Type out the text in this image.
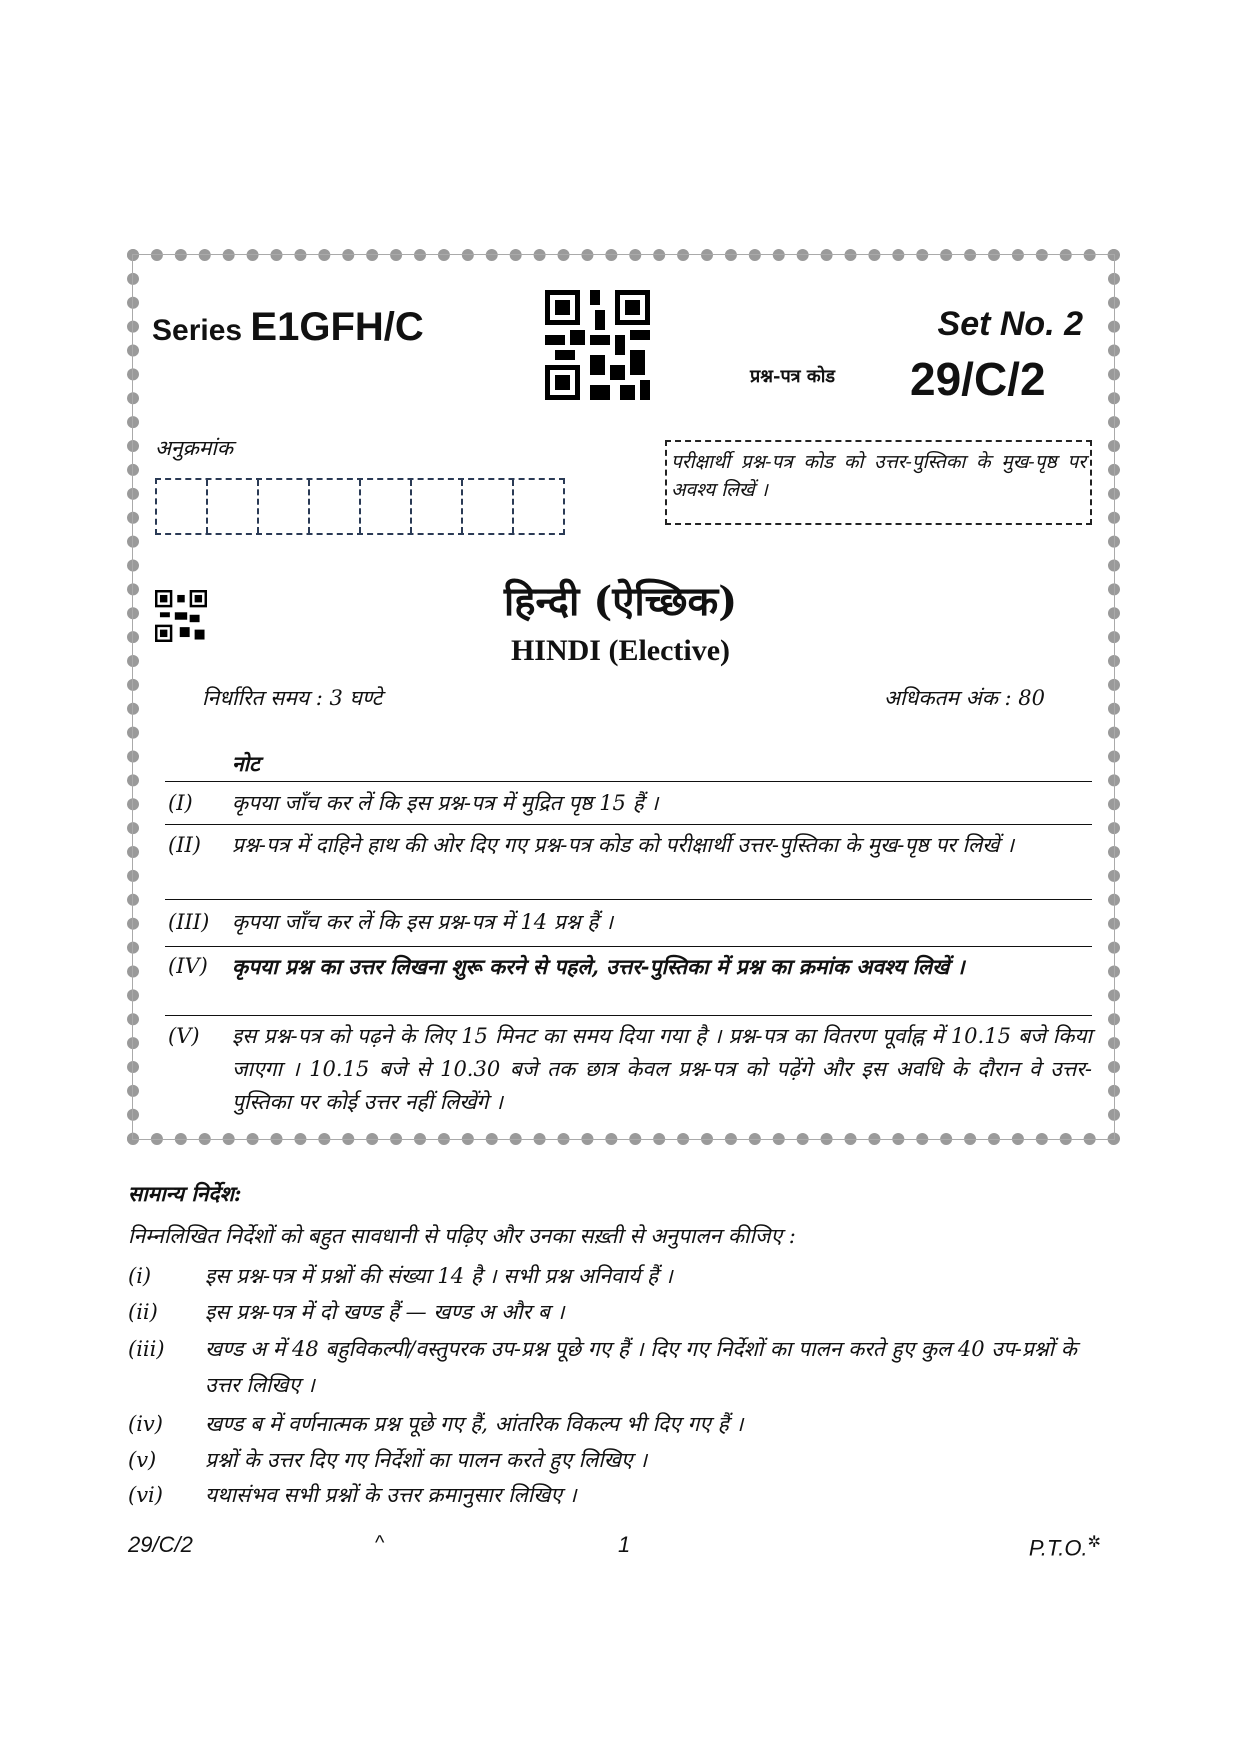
Series E1GFH/C	Set No. 2
प्रश्न-पत्र कोड 29/C/2
अनुक्रमांक
परीक्षार्थी प्रश्न-पत्र कोड को उत्तर-पुस्तिका के मुख-पृष्ठ पर अवश्य लिखें ।
हिन्दी (ऐच्छिक)
HINDI (Elective)
निर्धारित समय : 3 घण्टे	अधिकतम अंक : 80
नोट
(I) कृपया जाँच कर लें कि इस प्रश्न-पत्र में मुद्रित पृष्ठ 15 हैं ।
(II) प्रश्न-पत्र में दाहिने हाथ की ओर दिए गए प्रश्न-पत्र कोड को परीक्षार्थी उत्तर-पुस्तिका के मुख-पृष्ठ पर लिखें ।
(III) कृपया जाँच कर लें कि इस प्रश्न-पत्र में 14 प्रश्न हैं ।
(IV) कृपया प्रश्न का उत्तर लिखना शुरू करने से पहले, उत्तर-पुस्तिका में प्रश्न का क्रमांक अवश्य लिखें ।
(V) इस प्रश्न-पत्र को पढ़ने के लिए 15 मिनट का समय दिया गया है । प्रश्न-पत्र का वितरण पूर्वाह्न में 10.15 बजे किया जाएगा । 10.15 बजे से 10.30 बजे तक छात्र केवल प्रश्न-पत्र को पढ़ेंगे और इस अवधि के दौरान वे उत्तर-पुस्तिका पर कोई उत्तर नहीं लिखेंगे ।
सामान्य निर्देश:
निम्नलिखित निर्देशों को बहुत सावधानी से पढ़िए और उनका सख़्ती से अनुपालन कीजिए :
(i)	इस प्रश्न-पत्र में प्रश्नों की संख्या 14 है । सभी प्रश्न अनिवार्य हैं ।
(ii) इस प्रश्न-पत्र में दो खण्ड हैं — खण्ड अ और ब ।
(iii) खण्ड अ में 48 बहुविकल्पी/वस्तुपरक उप-प्रश्न पूछे गए हैं । दिए गए निर्देशों का पालन करते हुए कुल 40 उप-प्रश्नों के उत्तर लिखिए ।
(iv) खण्ड ब में वर्णनात्मक प्रश्न पूछे गए हैं, आंतरिक विकल्प भी दिए गए हैं ।
(v) प्रश्नों के उत्तर दिए गए निर्देशों का पालन करते हुए लिखिए ।
(vi) यथासंभव सभी प्रश्नों के उत्तर क्रमानुसार लिखिए ।
29/C/2	^	1	P.T.O.✲
